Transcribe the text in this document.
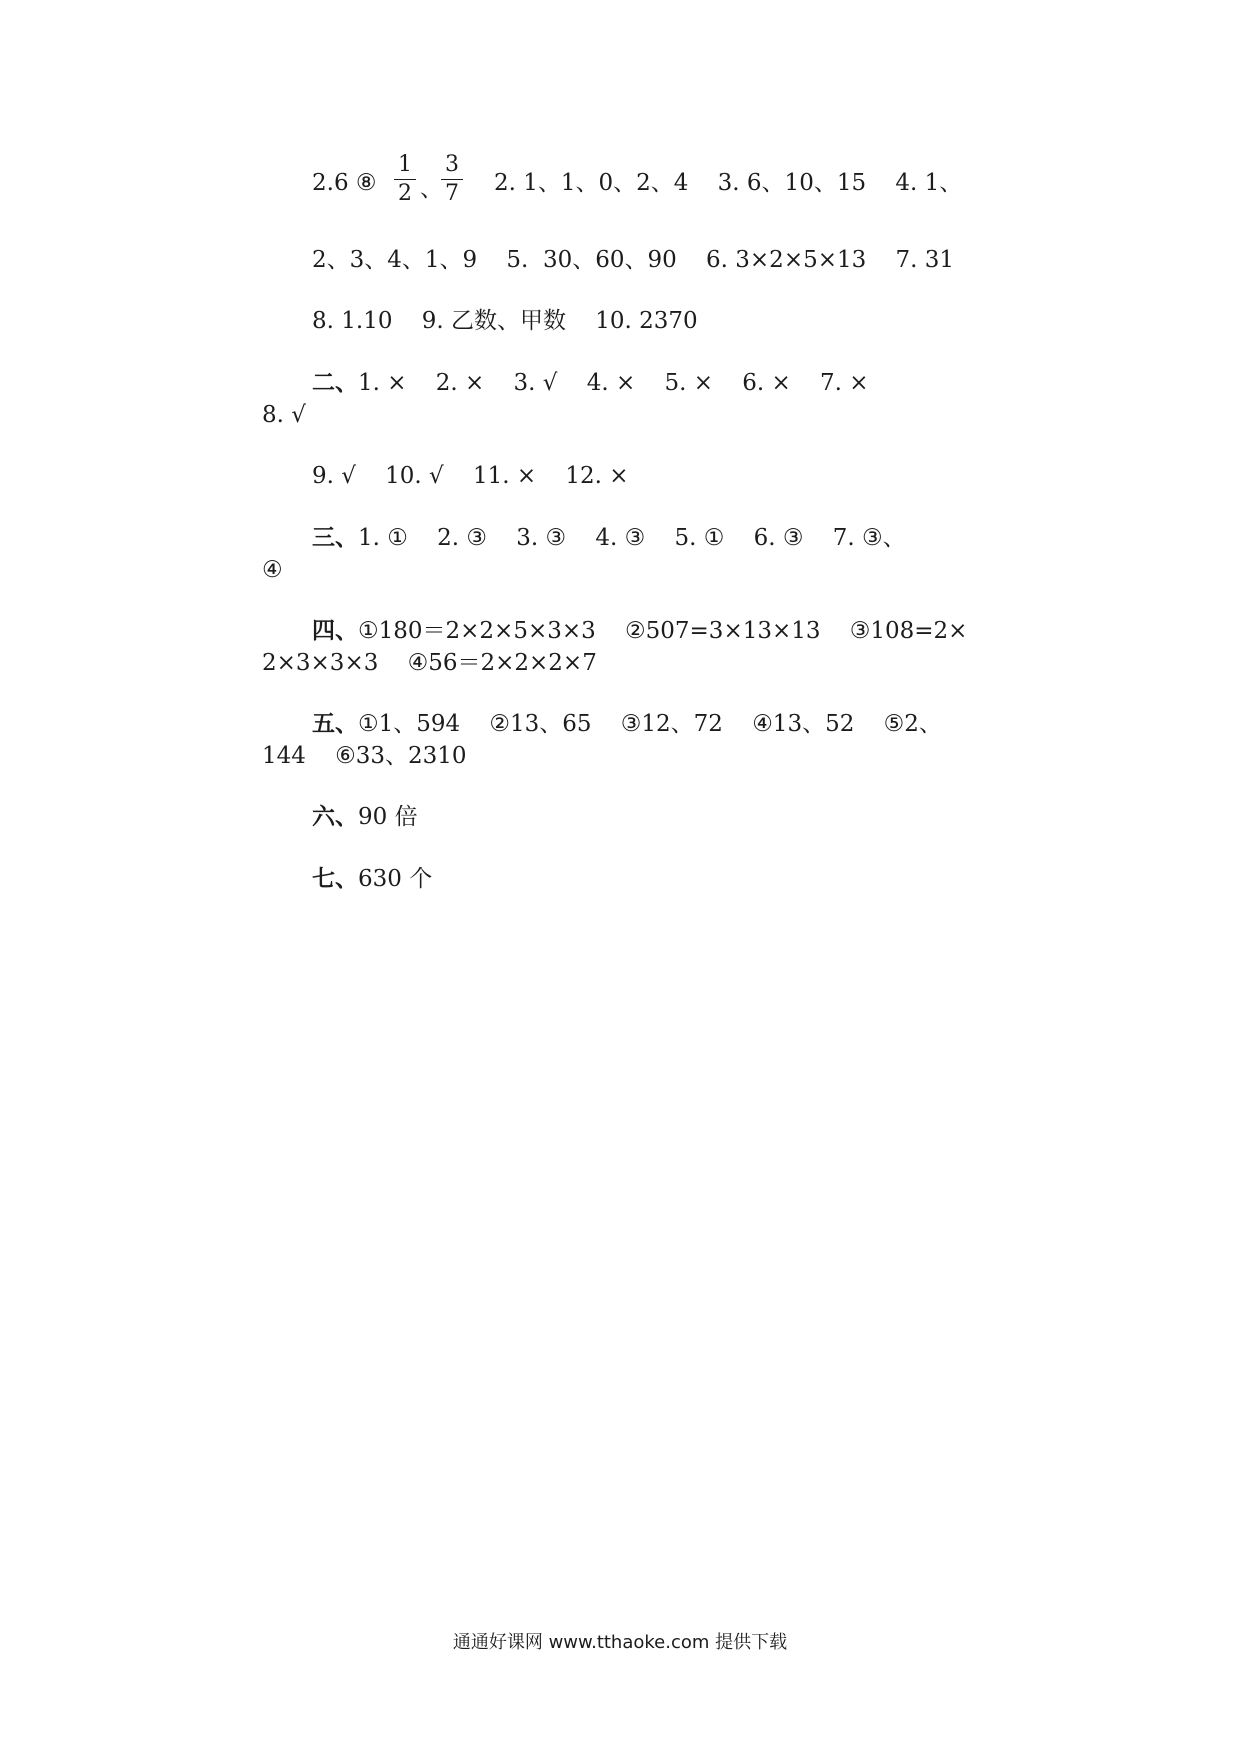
2.6 ⑧
1
2 、
3
7 2. 1、1、0、2、4    3. 6、10、15    4. 1、
2、3、4、1、9    5.  30、60、90    6. 3×2×5×13    7. 31
8. 1.10    9. 乙数、甲数    10. 2370
二、1. ×    2. ×    3. √    4. ×    5. ×    6. ×    7. ×
8. √
9. √    10. √    11. ×    12. ×
三、1. ①    2. ③    3. ③    4. ③    5. ①    6. ③    7. ③、
④
四、①180＝2×2×5×3×3    ②507=3×13×13    ③108=2×
2×3×3×3    ④56＝2×2×2×7
五、①1、594    ②13、65    ③12、72    ④13、52    ⑤2、
144    ⑥33、2310
六、90 倍
七、630 个
通通好课网 www.tthaoke.com 提供下载
